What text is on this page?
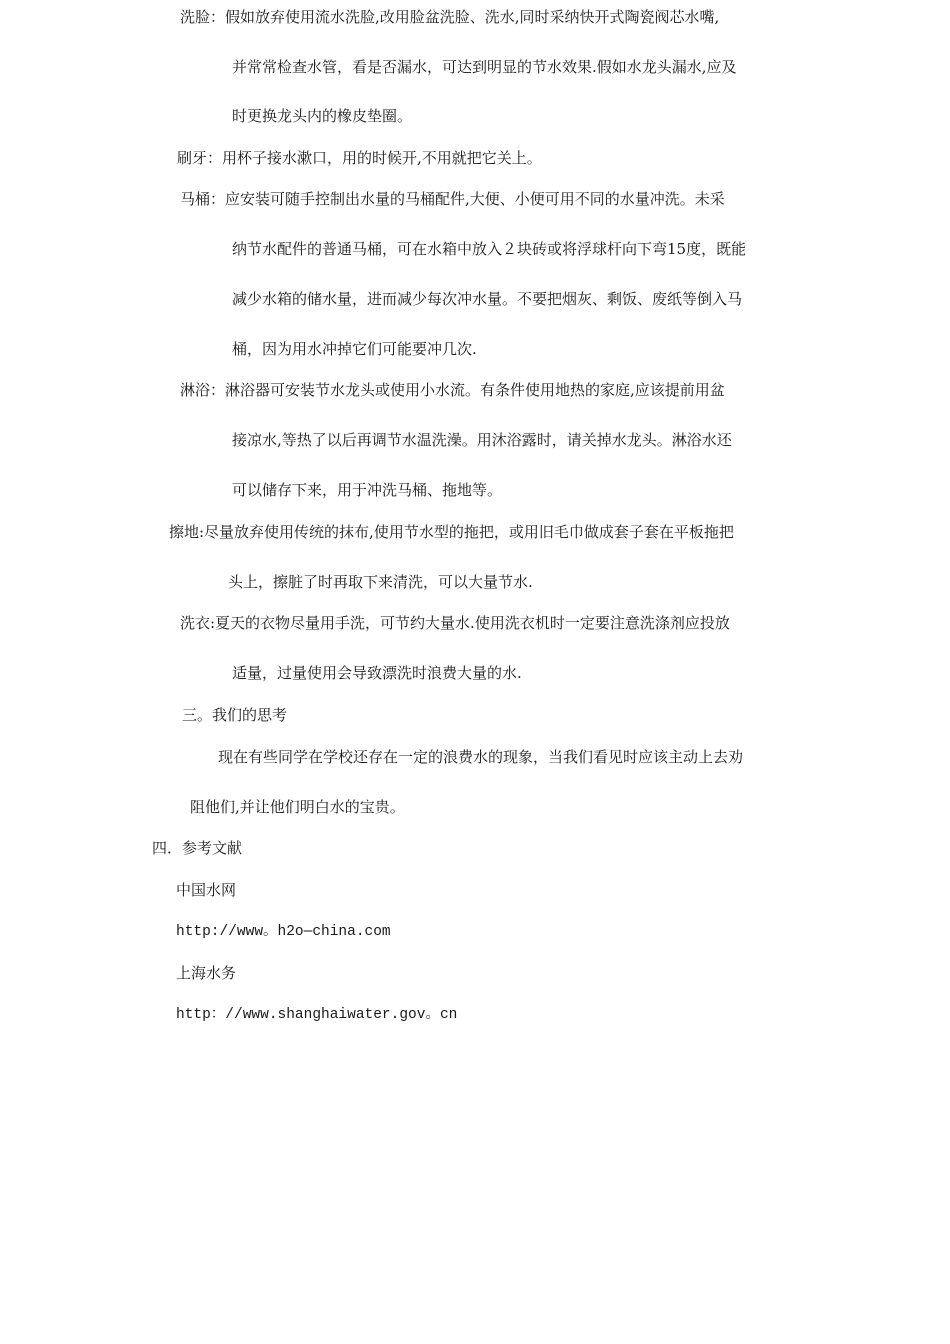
洗脸：假如放弃使用流水洗脸,改用脸盆洗脸、洗水,同时采纳快开式陶瓷阀芯水嘴,
并常常检查水管，看是否漏水，可达到明显的节水效果.假如水龙头漏水,应及
时更换龙头内的橡皮垫圈。
刷牙：用杯子接水漱口，用的时候开,不用就把它关上。
马桶：应安装可随手控制出水量的马桶配件,大便、小便可用不同的水量冲洗。未采
纳节水配件的普通马桶，可在水箱中放入２块砖或将浮球杆向下弯15度，既能
减少水箱的储水量，进而减少每次冲水量。不要把烟灰、剩饭、废纸等倒入马
桶，因为用水冲掉它们可能要冲几次.
淋浴：淋浴器可安装节水龙头或使用小水流。有条件使用地热的家庭,应该提前用盆
接凉水,等热了以后再调节水温洗澡。用沐浴露时，请关掉水龙头。淋浴水还
可以储存下来，用于冲洗马桶、拖地等。
擦地:尽量放弃使用传统的抹布,使用节水型的拖把，或用旧毛巾做成套子套在平板拖把
头上，擦脏了时再取下来清洗，可以大量节水.
洗衣:夏天的衣物尽量用手洗，可节约大量水.使用洗衣机时一定要注意洗涤剂应投放
适量，过量使用会导致漂洗时浪费大量的水.
三。我们的思考
现在有些同学在学校还存在一定的浪费水的现象，当我们看见时应该主动上去劝
阻他们,并让他们明白水的宝贵。
四．参考文献
中国水网
http://www。h2o—china.com
上海水务
http：//www.shanghaiwater.gov。cn
